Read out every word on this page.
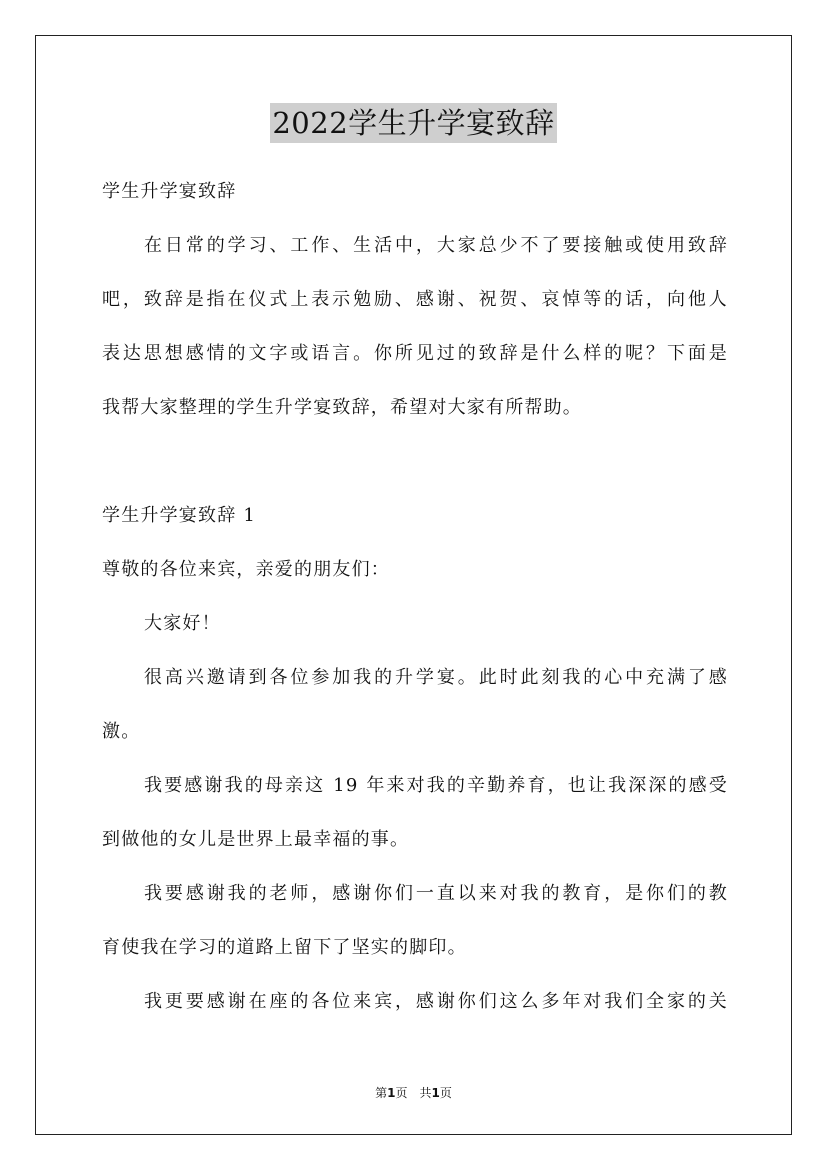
2022学生升学宴致辞
学生升学宴致辞
在日常的学习、工作、生活中，大家总少不了要接触或使用致辞
吧，致辞是指在仪式上表示勉励、感谢、祝贺、哀悼等的话，向他人
表达思想感情的文字或语言。你所见过的致辞是什么样的呢？下面是
我帮大家整理的学生升学宴致辞，希望对大家有所帮助。
学生升学宴致辞 1
尊敬的各位来宾，亲爱的朋友们：
大家好！
很高兴邀请到各位参加我的升学宴。此时此刻我的心中充满了感
激。
我要感谢我的母亲这 19 年来对我的辛勤养育，也让我深深的感受
到做他的女儿是世界上最幸福的事。
我要感谢我的老师，感谢你们一直以来对我的教育，是你们的教
育使我在学习的道路上留下了坚实的脚印。
我更要感谢在座的各位来宾，感谢你们这么多年对我们全家的关
第1页 共1页
